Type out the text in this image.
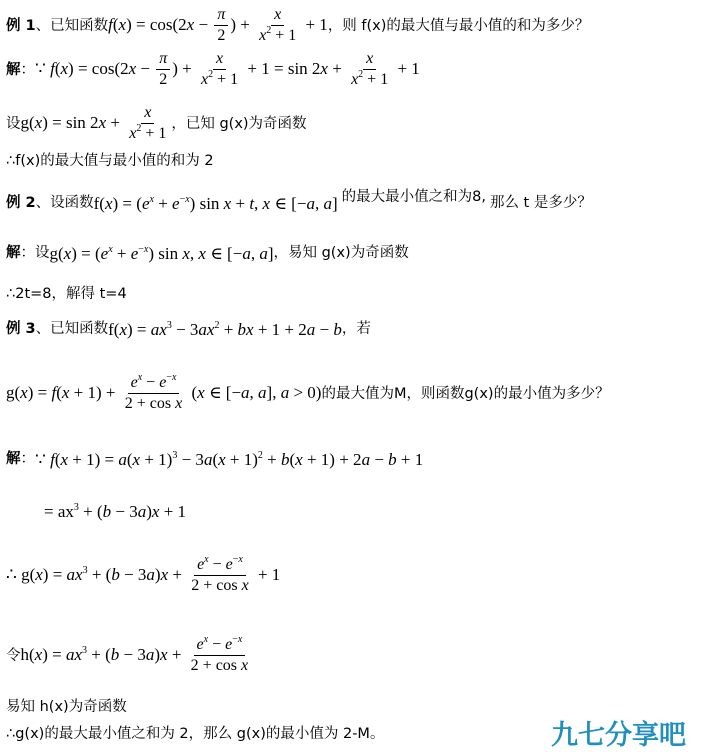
例 1 、已知函数 $f(x) = \cos(2x - \frac{\pi}{2}$ ) + $\frac{x}{x^2 + 1} + 1$ ，则 f(x)的最大值与最小值的和为多少？
解 ： ∵ $f(x) = \cos(2x - \frac{\pi}{2}$ ) + $\frac{x}{x^2 + 1} + 1 = \sin 2x + \frac{x}{x^2 + 1} + 1$
设 $g(x) = \sin 2x + \frac{x}{x^2 + 1}$ ，已知 g(x)为奇函数
∴f(x)的最大值与最小值的和为 2
例 2 、设函数 $f(x) = (e^x + e^{-x})$ sin x + t, x ∈ [−a, a] 的最大最小值之和为8, 那么 t 是多少？
解 ：设 $g(x) = (e^x + e^{-x})$ sin x, x ∈ [−a, a] ，易知 g(x)为奇函数
∴2t=8，解得 t=4
例 3 、已知函数 $f(x) = ax^3 - 3ax^2$ + bx + 1 + 2a − b ，若
$g(x) = f(x + 1) + \frac{e^x - e^{-x}}{\text{2 + cos x}} (x$ ∈ [−a, a], a > 0) 的最大值为M，则函数g(x)的最小值为多少？
解 ： ∵ $f(x + 1) = a(x + 1)^3 - 3a(x + 1)^2 + b(x + 1) + 2a - b + 1$
= $ax^3 + (b - 3a)x + 1$
∴ $g(x) = ax^3 + (b - 3a)x + \frac{e^x - e^{-x}}{\text{2 + cos x}} + 1$
令 $h(x) = ax^3 + (b - 3a)x + \frac{e^x - e^{-x}}{\text{2 + cos x}}$
易知 h(x)为奇函数
∴g(x)的最大最小值之和为 2，那么 g(x)的最小值为 2-M。	九七分享吧
